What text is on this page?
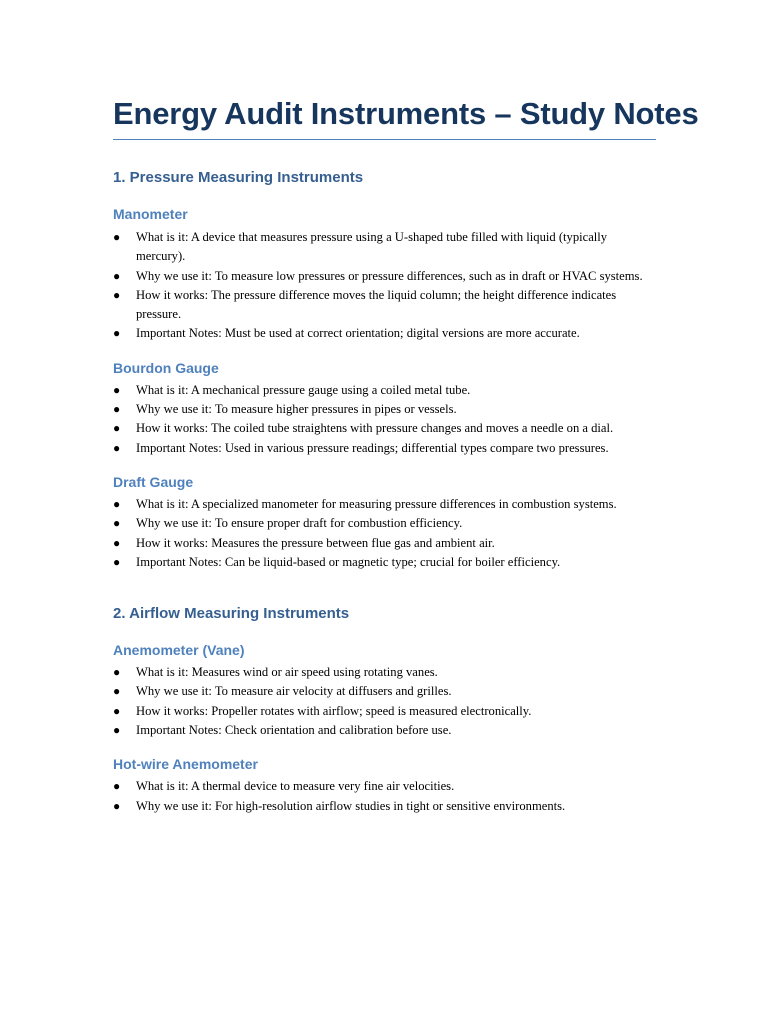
Energy Audit Instruments – Study Notes
1. Pressure Measuring Instruments
Manometer
● What is it: A device that measures pressure using a U-shaped tube filled with liquid (typically mercury).
● Why we use it: To measure low pressures or pressure differences, such as in draft or HVAC systems.
● How it works: The pressure difference moves the liquid column; the height difference indicates pressure.
● Important Notes: Must be used at correct orientation; digital versions are more accurate.
Bourdon Gauge
● What is it: A mechanical pressure gauge using a coiled metal tube.
● Why we use it: To measure higher pressures in pipes or vessels.
● How it works: The coiled tube straightens with pressure changes and moves a needle on a dial.
● Important Notes: Used in various pressure readings; differential types compare two pressures.
Draft Gauge
● What is it: A specialized manometer for measuring pressure differences in combustion systems.
● Why we use it: To ensure proper draft for combustion efficiency.
● How it works: Measures the pressure between flue gas and ambient air.
● Important Notes: Can be liquid-based or magnetic type; crucial for boiler efficiency.
2. Airflow Measuring Instruments
Anemometer (Vane)
● What is it: Measures wind or air speed using rotating vanes.
● Why we use it: To measure air velocity at diffusers and grilles.
● How it works: Propeller rotates with airflow; speed is measured electronically.
● Important Notes: Check orientation and calibration before use.
Hot-wire Anemometer
● What is it: A thermal device to measure very fine air velocities.
● Why we use it: For high-resolution airflow studies in tight or sensitive environments.
